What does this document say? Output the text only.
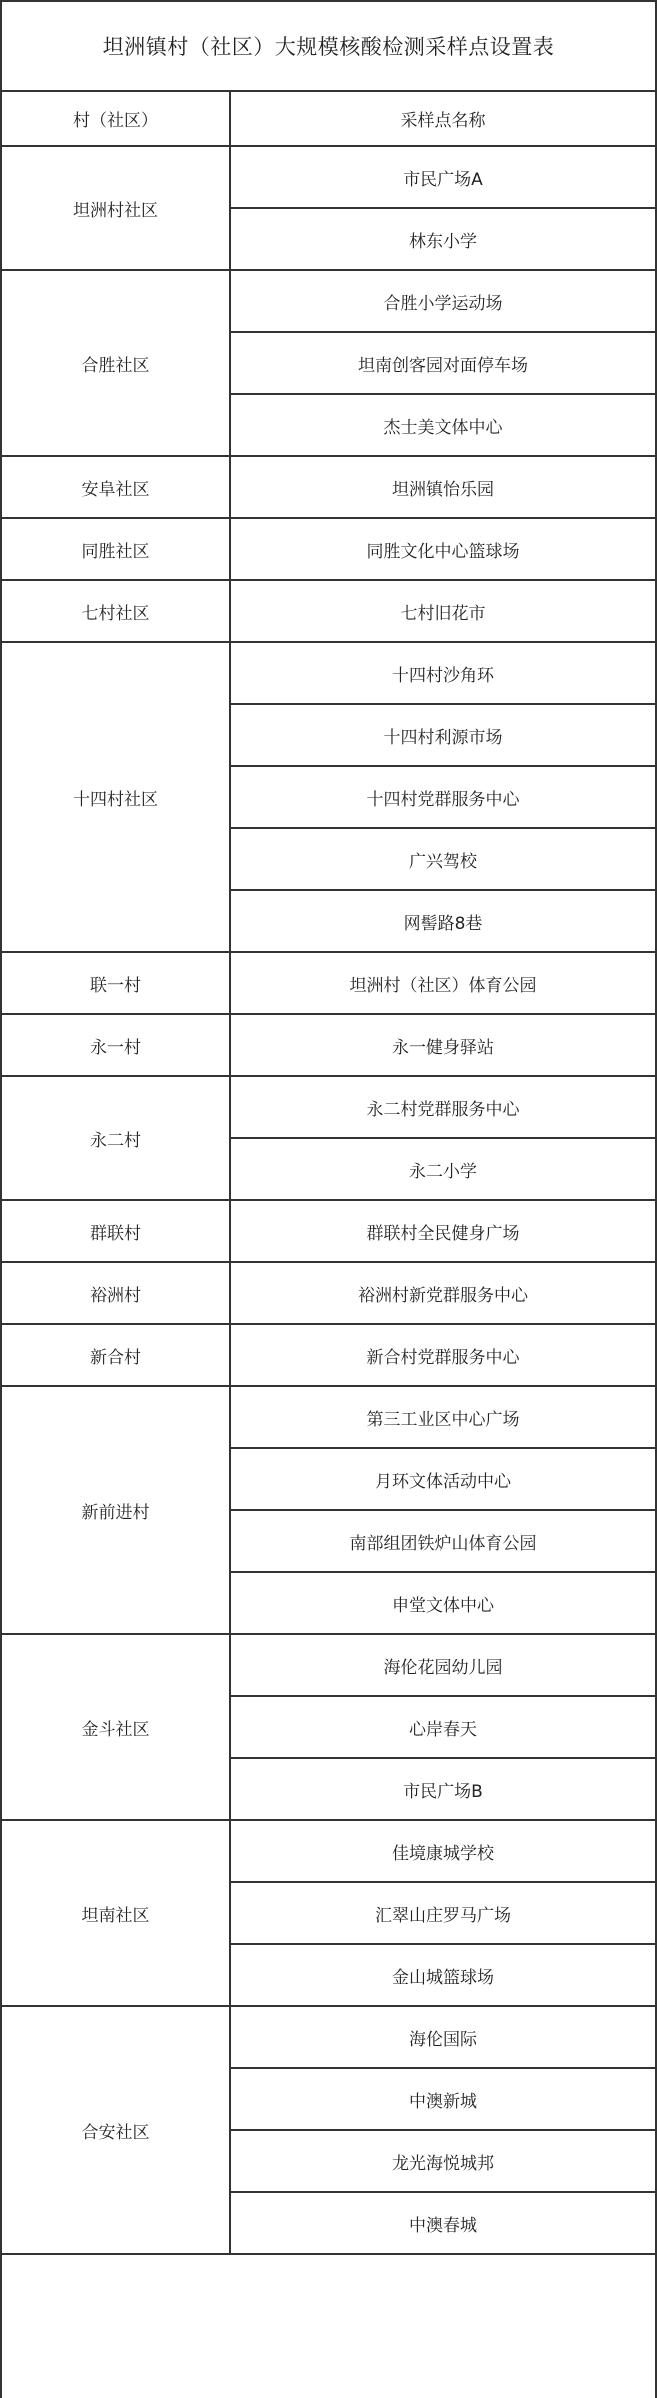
坦洲镇村（社区）大规模核酸检测采样点设置表
村（社区）	采样点名称
坦洲村社区	市民广场A
	林东小学
合胜社区	合胜小学运动场
	坦南创客园对面停车场
	杰士美文体中心
安阜社区	坦洲镇怡乐园
同胜社区	同胜文化中心篮球场
七村社区	七村旧花市
十四村社区	十四村沙角环
	十四村利源市场
	十四村党群服务中心
	广兴驾校
	网髻路8巷
联一村	坦洲村（社区）体育公园
永一村	永一健身驿站
永二村	永二村党群服务中心
	永二小学
群联村	群联村全民健身广场
裕洲村	裕洲村新党群服务中心
新合村	新合村党群服务中心
新前进村	第三工业区中心广场
	月环文体活动中心
	南部组团铁炉山体育公园
	申堂文体中心
金斗社区	海伦花园幼儿园
	心岸春天
	市民广场B
坦南社区	佳境康城学校
	汇翠山庄罗马广场
	金山城篮球场
合安社区	海伦国际
	中澳新城
	龙光海悦城邦
	中澳春城
